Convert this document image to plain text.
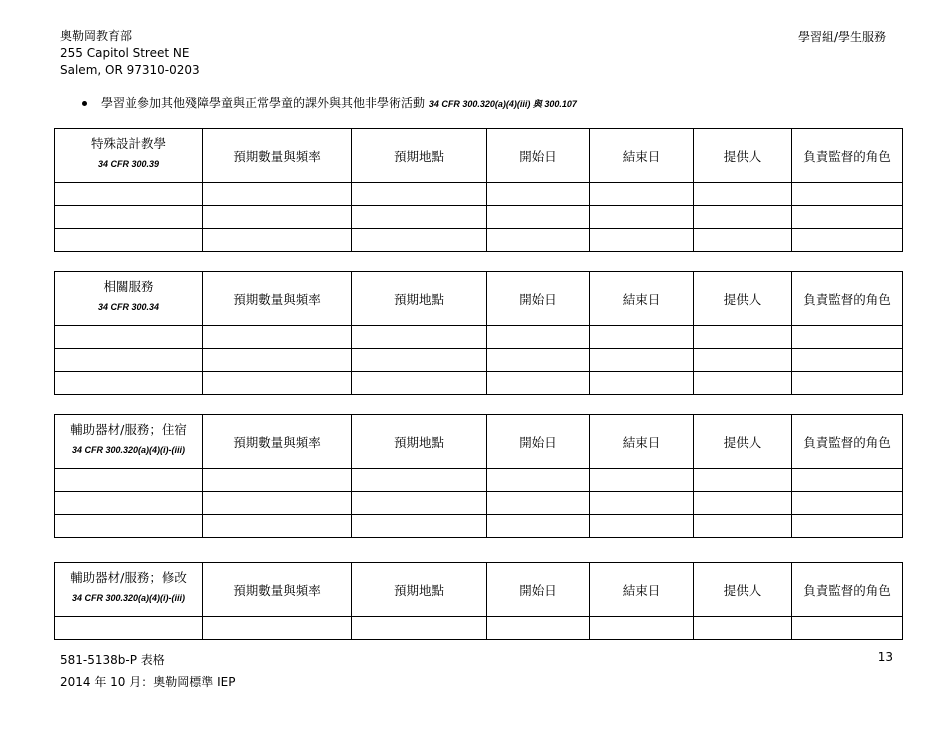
奧勒岡教育部
255 Capitol Street NE
Salem, OR 97310-0203
學習組/學生服務
學習並參加其他殘障學童與正常學童的課外與其他非學術活動 34 CFR 300.320(a)(4)(iii) 與 300.107
特殊設計教學
34 CFR 300.39	預期數量與頻率	預期地點	開始日	結束日	提供人	負責監督的角色

相關服務
34 CFR 300.34	預期數量與頻率	預期地點	開始日	結束日	提供人	負責監督的角色

輔助器材/服務；住宿
34 CFR 300.320(a)(4)(i)-(iii)	預期數量與頻率	預期地點	開始日	結束日	提供人	負責監督的角色

輔助器材/服務；修改
34 CFR 300.320(a)(4)(i)-(iii)	預期數量與頻率	預期地點	開始日	結束日	提供人	負責監督的角色

581-5138b-P 表格
2014 年 10 月：奧勒岡標準 IEP
13
